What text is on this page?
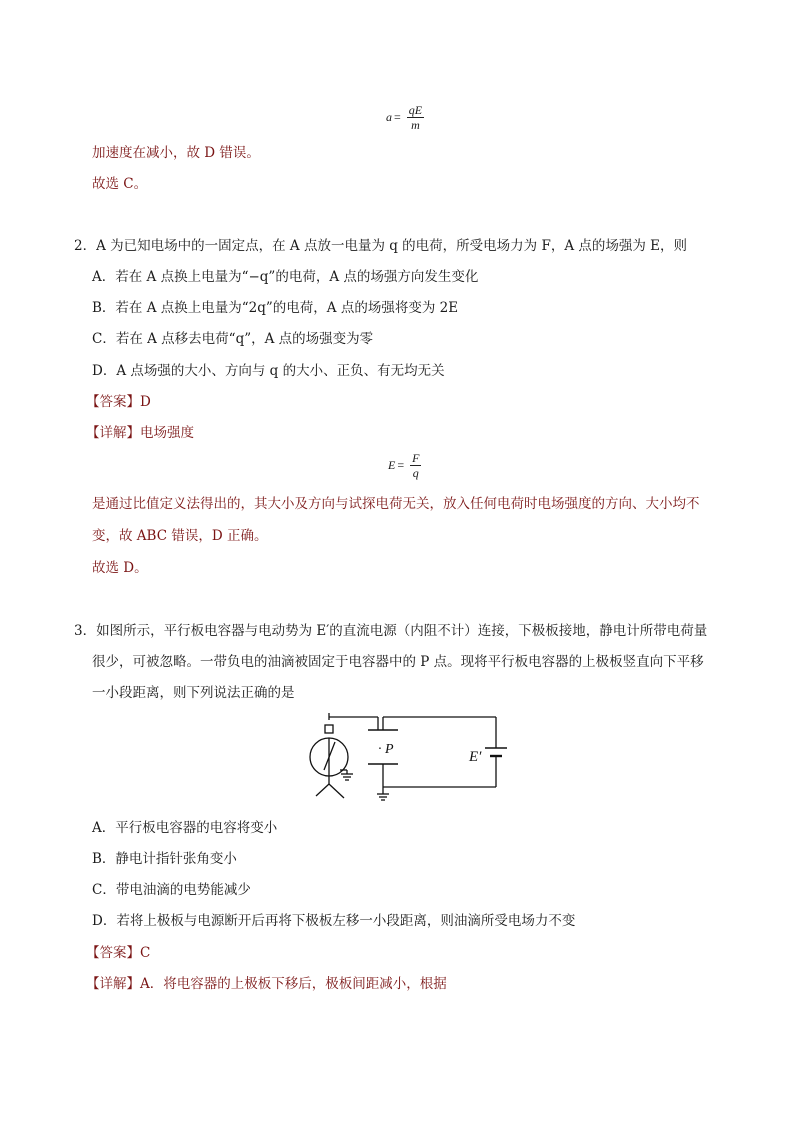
$a = \frac{qE}{m}$
加速度在减小，故 D 错误。
故选 C。
2．A 为已知电场中的一固定点，在 A 点放一电量为 q 的电荷，所受电场力为 F，A 点的场强为 E，则
A．若在 A 点换上电量为“−q”的电荷，A 点的场强方向发生变化
B．若在 A 点换上电量为“2q”的电荷，A 点的场强将变为 2E
C．若在 A 点移去电荷“q”，A 点的场强变为零
D．A 点场强的大小、方向与 q 的大小、正负、有无均无关
【答案】D
【详解】电场强度
$E = \frac{F}{q}$
是通过比值定义法得出的，其大小及方向与试探电荷无关，放入任何电荷时电场强度的方向、大小均不
变，故 ABC 错误，D 正确。
故选 D。
3．如图所示，平行板电容器与电动势为 E′的直流电源（内阻不计）连接，下极板接地，静电计所带电荷量
很少，可被忽略。一带负电的油滴被固定于电容器中的 P 点。现将平行板电容器的上极板竖直向下平移
一小段距离，则下列说法正确的是
· P	E′
A．平行板电容器的电容将变小
B．静电计指针张角变小
C．带电油滴的电势能减少
D．若将上极板与电源断开后再将下极板左移一小段距离，则油滴所受电场力不变
【答案】C
【详解】A．将电容器的上极板下移后，极板间距减小，根据
